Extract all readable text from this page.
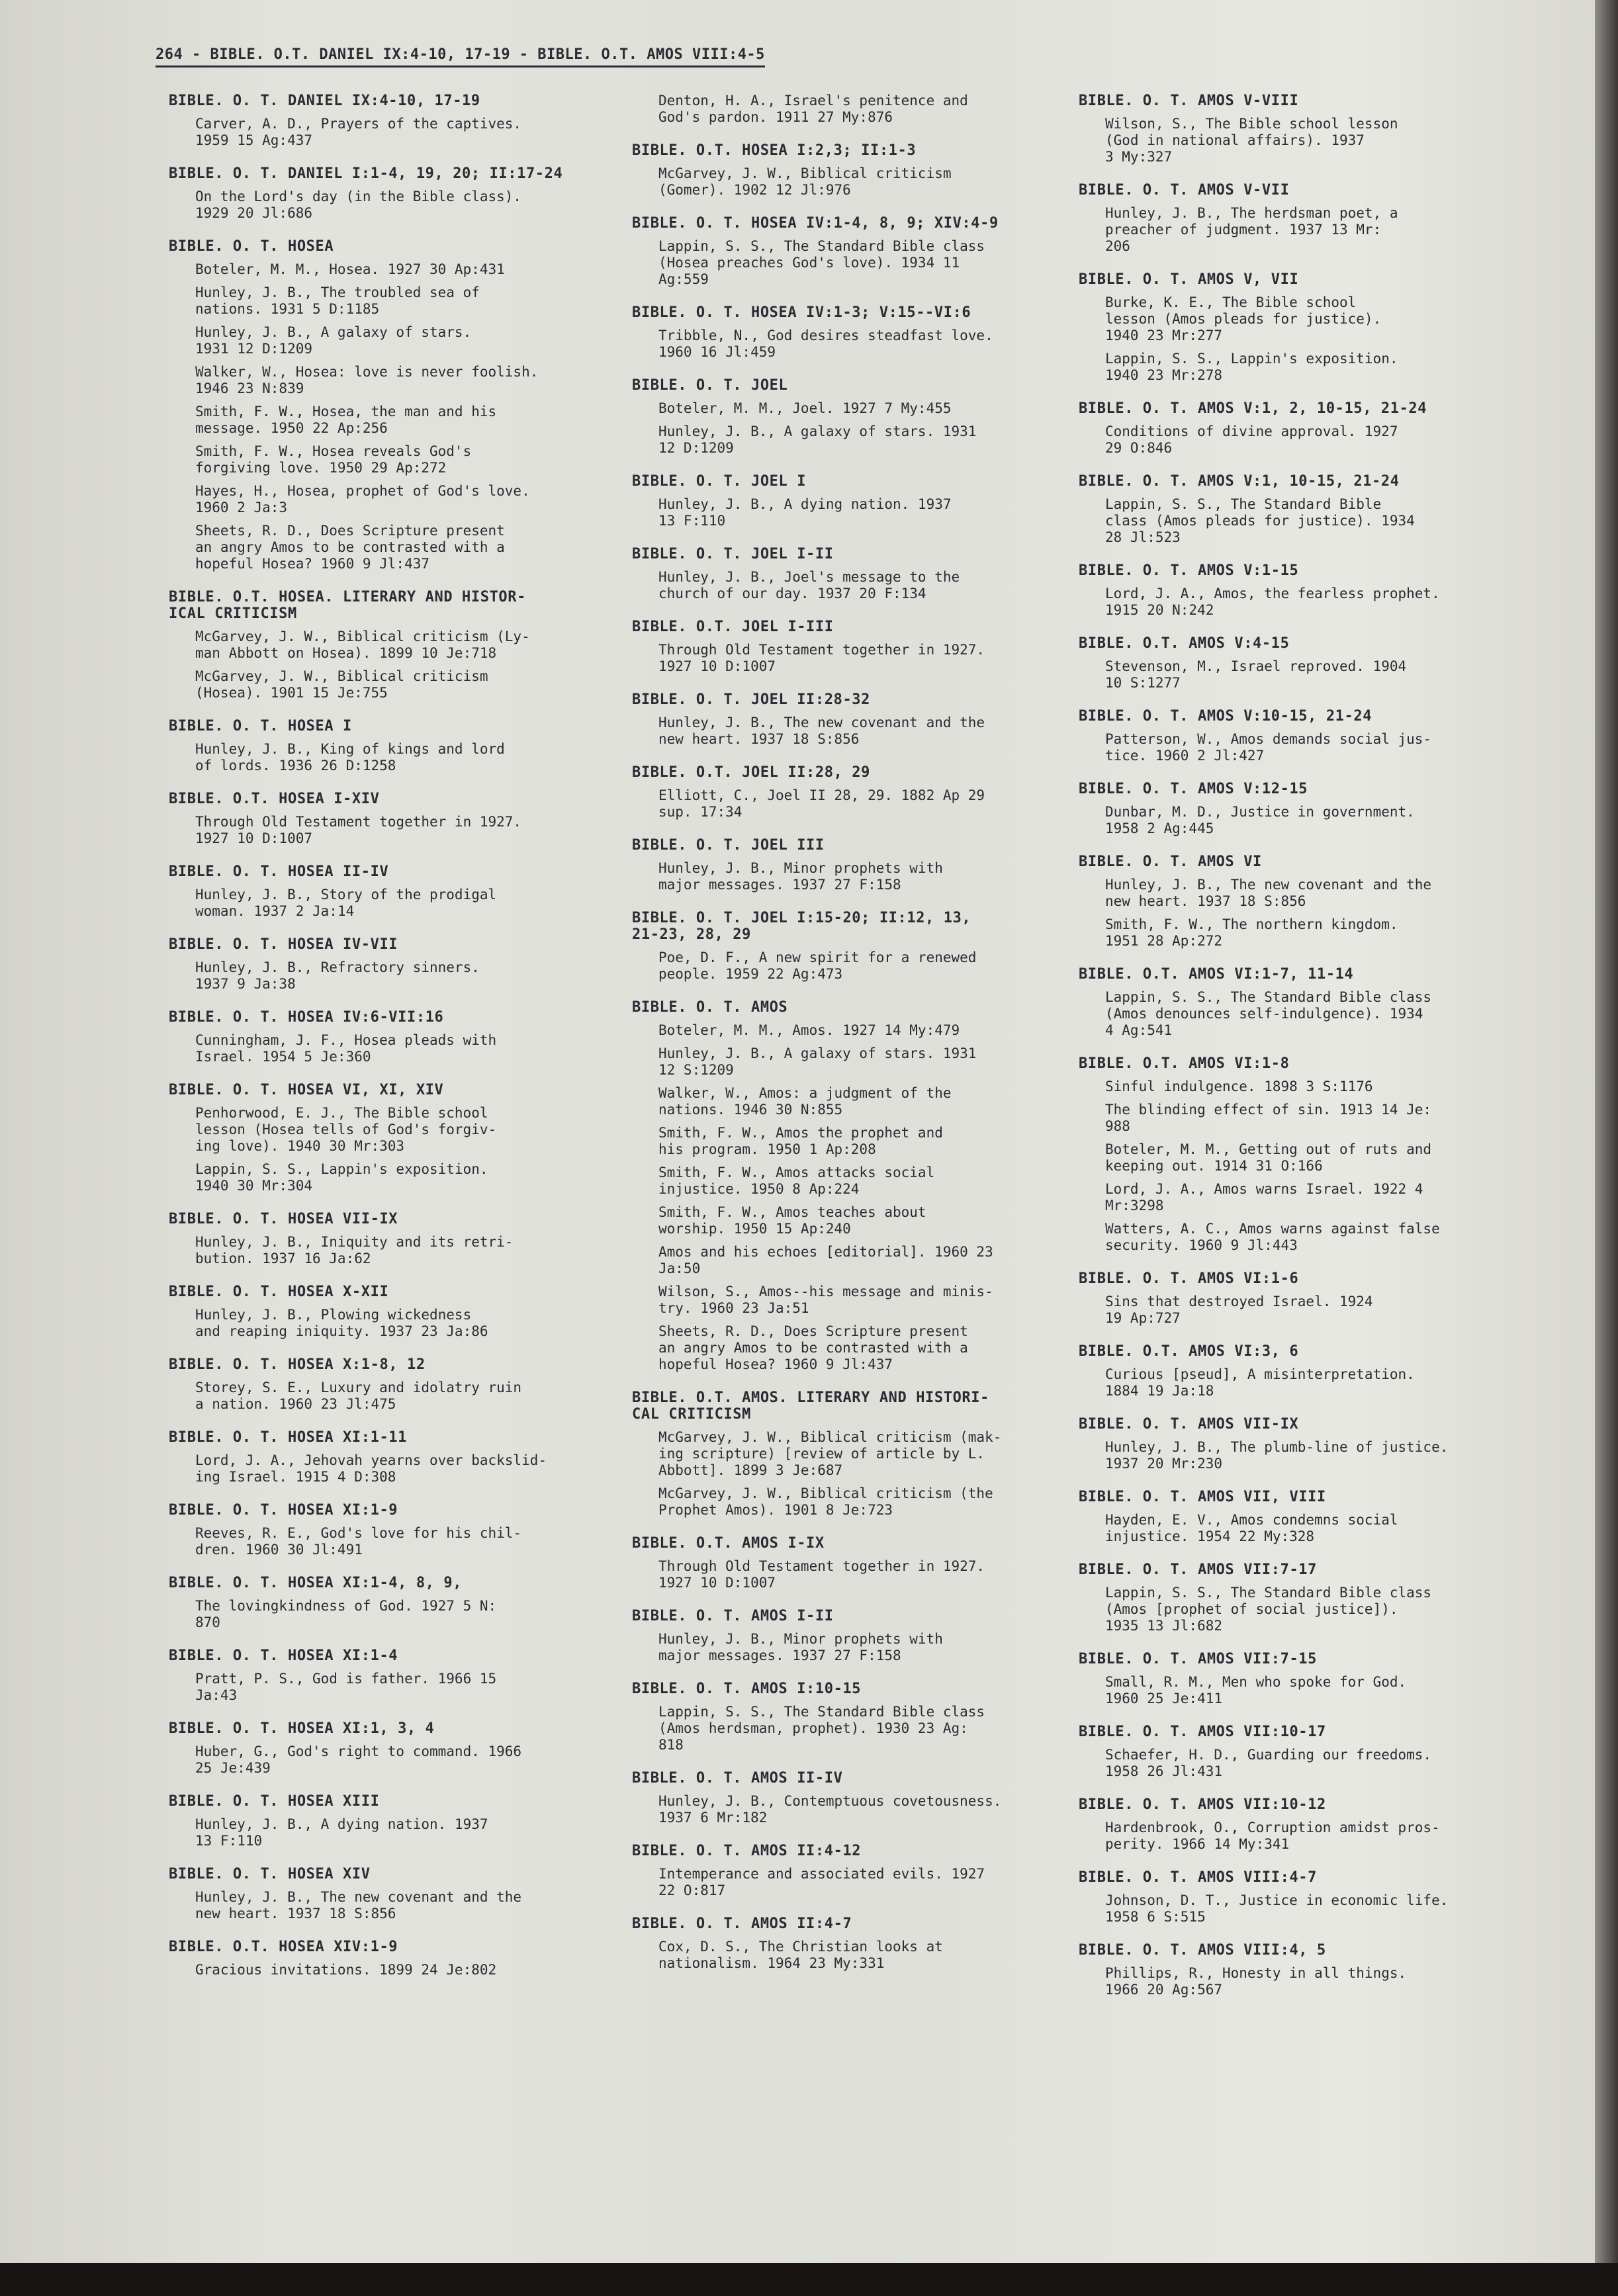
264 - BIBLE. O.T. DANIEL IX:4-10, 17-19 - BIBLE. O.T. AMOS VIII:4-5
BIBLE. O. T. DANIEL IX:4-10, 17-19
Carver, A. D., Prayers of the captives.
1959 15 Ag:437
BIBLE. O. T. DANIEL I:1-4, 19, 20; II:17-24
On the Lord's day (in the Bible class).
1929 20 Jl:686
BIBLE. O. T. HOSEA
Boteler, M. M., Hosea. 1927 30 Ap:431
Hunley, J. B., The troubled sea of
nations. 1931 5 D:1185
Hunley, J. B., A galaxy of stars.
1931 12 D:1209
Walker, W., Hosea: love is never foolish.
1946 23 N:839
Smith, F. W., Hosea, the man and his
message. 1950 22 Ap:256
Smith, F. W., Hosea reveals God's
forgiving love. 1950 29 Ap:272
Hayes, H., Hosea, prophet of God's love.
1960 2 Ja:3
Sheets, R. D., Does Scripture present
an angry Amos to be contrasted with a
hopeful Hosea? 1960 9 Jl:437
BIBLE. O.T. HOSEA. LITERARY AND HISTOR-
ICAL CRITICISM
McGarvey, J. W., Biblical criticism (Ly-
man Abbott on Hosea). 1899 10 Je:718
McGarvey, J. W., Biblical criticism
(Hosea). 1901 15 Je:755
BIBLE. O. T. HOSEA I
Hunley, J. B., King of kings and lord
of lords. 1936 26 D:1258
BIBLE. O.T. HOSEA I-XIV
Through Old Testament together in 1927.
1927 10 D:1007
BIBLE. O. T. HOSEA II-IV
Hunley, J. B., Story of the prodigal
woman. 1937 2 Ja:14
BIBLE. O. T. HOSEA IV-VII
Hunley, J. B., Refractory sinners.
1937 9 Ja:38
BIBLE. O. T. HOSEA IV:6-VII:16
Cunningham, J. F., Hosea pleads with
Israel. 1954 5 Je:360
BIBLE. O. T. HOSEA VI, XI, XIV
Penhorwood, E. J., The Bible school
lesson (Hosea tells of God's forgiv-
ing love). 1940 30 Mr:303
Lappin, S. S., Lappin's exposition.
1940 30 Mr:304
BIBLE. O. T. HOSEA VII-IX
Hunley, J. B., Iniquity and its retri-
bution. 1937 16 Ja:62
BIBLE. O. T. HOSEA X-XII
Hunley, J. B., Plowing wickedness
and reaping iniquity. 1937 23 Ja:86
BIBLE. O. T. HOSEA X:1-8, 12
Storey, S. E., Luxury and idolatry ruin
a nation. 1960 23 Jl:475
BIBLE. O. T. HOSEA XI:1-11
Lord, J. A., Jehovah yearns over backslid-
ing Israel. 1915 4 D:308
BIBLE. O. T. HOSEA XI:1-9
Reeves, R. E., God's love for his chil-
dren. 1960 30 Jl:491
BIBLE. O. T. HOSEA XI:1-4, 8, 9,
The lovingkindness of God. 1927 5 N:
870
BIBLE. O. T. HOSEA XI:1-4
Pratt, P. S., God is father. 1966 15
Ja:43
BIBLE. O. T. HOSEA XI:1, 3, 4
Huber, G., God's right to command. 1966
25 Je:439
BIBLE. O. T. HOSEA XIII
Hunley, J. B., A dying nation. 1937
13 F:110
BIBLE. O. T. HOSEA XIV
Hunley, J. B., The new covenant and the
new heart. 1937 18 S:856
BIBLE. O.T. HOSEA XIV:1-9
Gracious invitations. 1899 24 Je:802
Denton, H. A., Israel's penitence and
God's pardon. 1911 27 My:876
BIBLE. O.T. HOSEA I:2,3; II:1-3
McGarvey, J. W., Biblical criticism
(Gomer). 1902 12 Jl:976
BIBLE. O. T. HOSEA IV:1-4, 8, 9; XIV:4-9
Lappin, S. S., The Standard Bible class
(Hosea preaches God's love). 1934 11
Ag:559
BIBLE. O. T. HOSEA IV:1-3; V:15--VI:6
Tribble, N., God desires steadfast love.
1960 16 Jl:459
BIBLE. O. T. JOEL
Boteler, M. M., Joel. 1927 7 My:455
Hunley, J. B., A galaxy of stars. 1931
12 D:1209
BIBLE. O. T. JOEL I
Hunley, J. B., A dying nation. 1937
13 F:110
BIBLE. O. T. JOEL I-II
Hunley, J. B., Joel's message to the
church of our day. 1937 20 F:134
BIBLE. O.T. JOEL I-III
Through Old Testament together in 1927.
1927 10 D:1007
BIBLE. O. T. JOEL II:28-32
Hunley, J. B., The new covenant and the
new heart. 1937 18 S:856
BIBLE. O.T. JOEL II:28, 29
Elliott, C., Joel II 28, 29. 1882 Ap 29
sup. 17:34
BIBLE. O. T. JOEL III
Hunley, J. B., Minor prophets with
major messages. 1937 27 F:158
BIBLE. O. T. JOEL I:15-20; II:12, 13,
21-23, 28, 29
Poe, D. F., A new spirit for a renewed
people. 1959 22 Ag:473
BIBLE. O. T. AMOS
Boteler, M. M., Amos. 1927 14 My:479
Hunley, J. B., A galaxy of stars. 1931
12 S:1209
Walker, W., Amos: a judgment of the
nations. 1946 30 N:855
Smith, F. W., Amos the prophet and
his program. 1950 1 Ap:208
Smith, F. W., Amos attacks social
injustice. 1950 8 Ap:224
Smith, F. W., Amos teaches about
worship. 1950 15 Ap:240
Amos and his echoes [editorial]. 1960 23
Ja:50
Wilson, S., Amos--his message and minis-
try. 1960 23 Ja:51
Sheets, R. D., Does Scripture present
an angry Amos to be contrasted with a
hopeful Hosea? 1960 9 Jl:437
BIBLE. O.T. AMOS. LITERARY AND HISTORI-
CAL CRITICISM
McGarvey, J. W., Biblical criticism (mak-
ing scripture) [review of article by L.
Abbott]. 1899 3 Je:687
McGarvey, J. W., Biblical criticism (the
Prophet Amos). 1901 8 Je:723
BIBLE. O.T. AMOS I-IX
Through Old Testament together in 1927.
1927 10 D:1007
BIBLE. O. T. AMOS I-II
Hunley, J. B., Minor prophets with
major messages. 1937 27 F:158
BIBLE. O. T. AMOS I:10-15
Lappin, S. S., The Standard Bible class
(Amos herdsman, prophet). 1930 23 Ag:
818
BIBLE. O. T. AMOS II-IV
Hunley, J. B., Contemptuous covetousness.
1937 6 Mr:182
BIBLE. O. T. AMOS II:4-12
Intemperance and associated evils. 1927
22 O:817
BIBLE. O. T. AMOS II:4-7
Cox, D. S., The Christian looks at
nationalism. 1964 23 My:331
BIBLE. O. T. AMOS V-VIII
Wilson, S., The Bible school lesson
(God in national affairs). 1937
3 My:327
BIBLE. O. T. AMOS V-VII
Hunley, J. B., The herdsman poet, a
preacher of judgment. 1937 13 Mr:
206
BIBLE. O. T. AMOS V, VII
Burke, K. E., The Bible school
lesson (Amos pleads for justice).
1940 23 Mr:277
Lappin, S. S., Lappin's exposition.
1940 23 Mr:278
BIBLE. O. T. AMOS V:1, 2, 10-15, 21-24
Conditions of divine approval. 1927
29 O:846
BIBLE. O. T. AMOS V:1, 10-15, 21-24
Lappin, S. S., The Standard Bible
class (Amos pleads for justice). 1934
28 Jl:523
BIBLE. O. T. AMOS V:1-15
Lord, J. A., Amos, the fearless prophet.
1915 20 N:242
BIBLE. O.T. AMOS V:4-15
Stevenson, M., Israel reproved. 1904
10 S:1277
BIBLE. O. T. AMOS V:10-15, 21-24
Patterson, W., Amos demands social jus-
tice. 1960 2 Jl:427
BIBLE. O. T. AMOS V:12-15
Dunbar, M. D., Justice in government.
1958 2 Ag:445
BIBLE. O. T. AMOS VI
Hunley, J. B., The new covenant and the
new heart. 1937 18 S:856
Smith, F. W., The northern kingdom.
1951 28 Ap:272
BIBLE. O.T. AMOS VI:1-7, 11-14
Lappin, S. S., The Standard Bible class
(Amos denounces self-indulgence). 1934
4 Ag:541
BIBLE. O.T. AMOS VI:1-8
Sinful indulgence. 1898 3 S:1176
The blinding effect of sin. 1913 14 Je:
988
Boteler, M. M., Getting out of ruts and
keeping out. 1914 31 O:166
Lord, J. A., Amos warns Israel. 1922 4
Mr:3298
Watters, A. C., Amos warns against false
security. 1960 9 Jl:443
BIBLE. O. T. AMOS VI:1-6
Sins that destroyed Israel. 1924
19 Ap:727
BIBLE. O.T. AMOS VI:3, 6
Curious [pseud], A misinterpretation.
1884 19 Ja:18
BIBLE. O. T. AMOS VII-IX
Hunley, J. B., The plumb-line of justice.
1937 20 Mr:230
BIBLE. O. T. AMOS VII, VIII
Hayden, E. V., Amos condemns social
injustice. 1954 22 My:328
BIBLE. O. T. AMOS VII:7-17
Lappin, S. S., The Standard Bible class
(Amos [prophet of social justice]).
1935 13 Jl:682
BIBLE. O. T. AMOS VII:7-15
Small, R. M., Men who spoke for God.
1960 25 Je:411
BIBLE. O. T. AMOS VII:10-17
Schaefer, H. D., Guarding our freedoms.
1958 26 Jl:431
BIBLE. O. T. AMOS VII:10-12
Hardenbrook, O., Corruption amidst pros-
perity. 1966 14 My:341
BIBLE. O. T. AMOS VIII:4-7
Johnson, D. T., Justice in economic life.
1958 6 S:515
BIBLE. O. T. AMOS VIII:4, 5
Phillips, R., Honesty in all things.
1966 20 Ag:567
